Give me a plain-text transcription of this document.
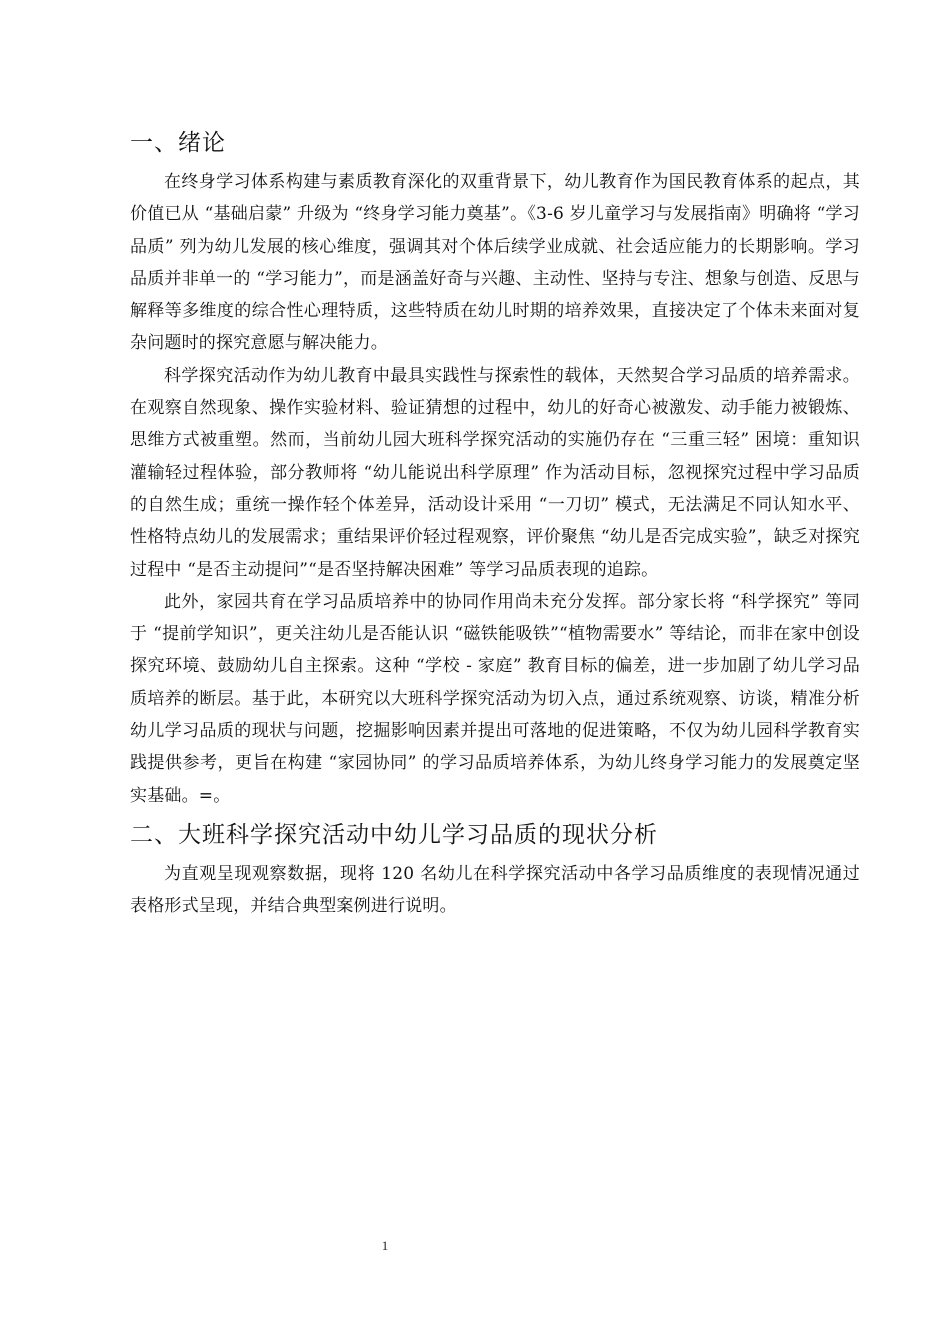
一、绪论

在终身学习体系构建与素质教育深化的双重背景下，幼儿教育作为国民教育体系的起点，其价值已从 “基础启蒙” 升级为 “终身学习能力奠基”。《3-6 岁儿童学习与发展指南》明确将 “学习品质” 列为幼儿发展的核心维度，强调其对个体后续学业成就、社会适应能力的长期影响。学习品质并非单一的 “学习能力”，而是涵盖好奇与兴趣、主动性、坚持与专注、想象与创造、反思与解释等多维度的综合性心理特质，这些特质在幼儿时期的培养效果，直接决定了个体未来面对复杂问题时的探究意愿与解决能力。

科学探究活动作为幼儿教育中最具实践性与探索性的载体，天然契合学习品质的培养需求。在观察自然现象、操作实验材料、验证猜想的过程中，幼儿的好奇心被激发、动手能力被锻炼、思维方式被重塑。然而，当前幼儿园大班科学探究活动的实施仍存在 “三重三轻” 困境：重知识灌输轻过程体验，部分教师将 “幼儿能说出科学原理” 作为活动目标，忽视探究过程中学习品质的自然生成；重统一操作轻个体差异，活动设计采用 “一刀切” 模式，无法满足不同认知水平、性格特点幼儿的发展需求；重结果评价轻过程观察，评价聚焦 “幼儿是否完成实验”，缺乏对探究过程中 “是否主动提问”“是否坚持解决困难” 等学习品质表现的追踪。

此外，家园共育在学习品质培养中的协同作用尚未充分发挥。部分家长将 “科学探究” 等同于 “提前学知识”，更关注幼儿是否能认识 “磁铁能吸铁”“植物需要水” 等结论，而非在家中创设探究环境、鼓励幼儿自主探索。这种 “学校 - 家庭” 教育目标的偏差，进一步加剧了幼儿学习品质培养的断层。基于此，本研究以大班科学探究活动为切入点，通过系统观察、访谈，精准分析幼儿学习品质的现状与问题，挖掘影响因素并提出可落地的促进策略，不仅为幼儿园科学教育实践提供参考，更旨在构建 “家园协同” 的学习品质培养体系，为幼儿终身学习能力的发展奠定坚实基础。=。

二、大班科学探究活动中幼儿学习品质的现状分析

为直观呈现观察数据，现将 120 名幼儿在科学探究活动中各学习品质维度的表现情况通过表格形式呈现，并结合典型案例进行说明。

1
